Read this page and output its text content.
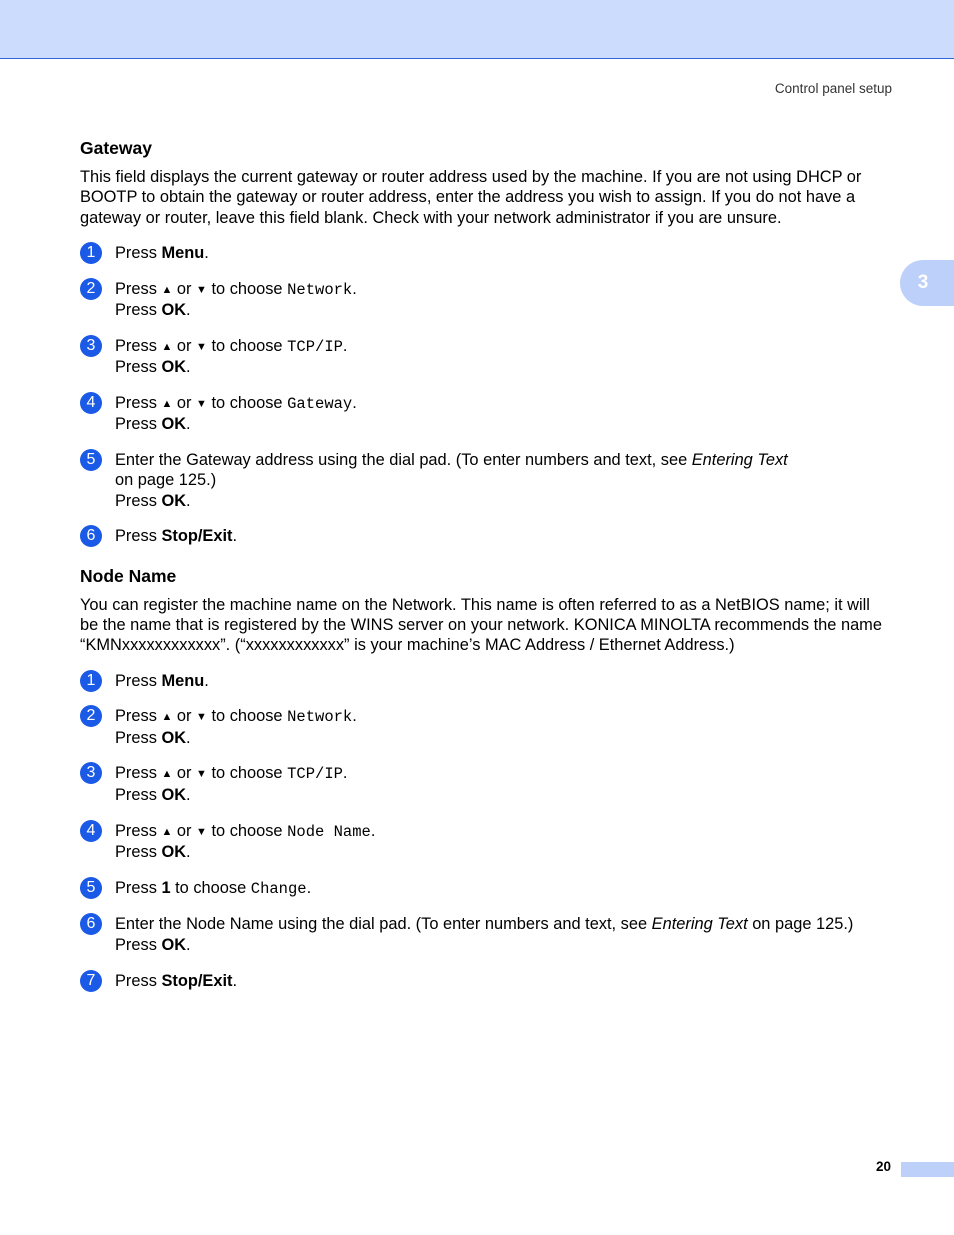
Control panel setup
3
Gateway

This field displays the current gateway or router address used by the machine. If you are not using DHCP or BOOTP to obtain the gateway or router address, enter the address you wish to assign. If you do not have a gateway or router, leave this field blank. Check with your network administrator if you are unsure.

1	Press Menu.
2	Press ▲ or ▼ to choose Network.
Press OK.
3	Press ▲ or ▼ to choose TCP/IP.
Press OK.
4	Press ▲ or ▼ to choose Gateway.
Press OK.
5	Enter the Gateway address using the dial pad. (To enter numbers and text, see Entering Text
on page 125.)
Press OK.
6	Press Stop/Exit.
Node Name

You can register the machine name on the Network. This name is often referred to as a NetBIOS name; it will be the name that is registered by the WINS server on your network. KONICA MINOLTA recommends the name “KMNxxxxxxxxxxxx”. (“xxxxxxxxxxxx” is your machine’s MAC Address / Ethernet Address.)

1	Press Menu.
2	Press ▲ or ▼ to choose Network.
Press OK.
3	Press ▲ or ▼ to choose TCP/IP.
Press OK.
4	Press ▲ or ▼ to choose Node Name.
Press OK.
5	Press 1 to choose Change.
6	Enter the Node Name using the dial pad. (To enter numbers and text, see Entering Text on page 125.)
Press OK.
7	Press Stop/Exit.
20
